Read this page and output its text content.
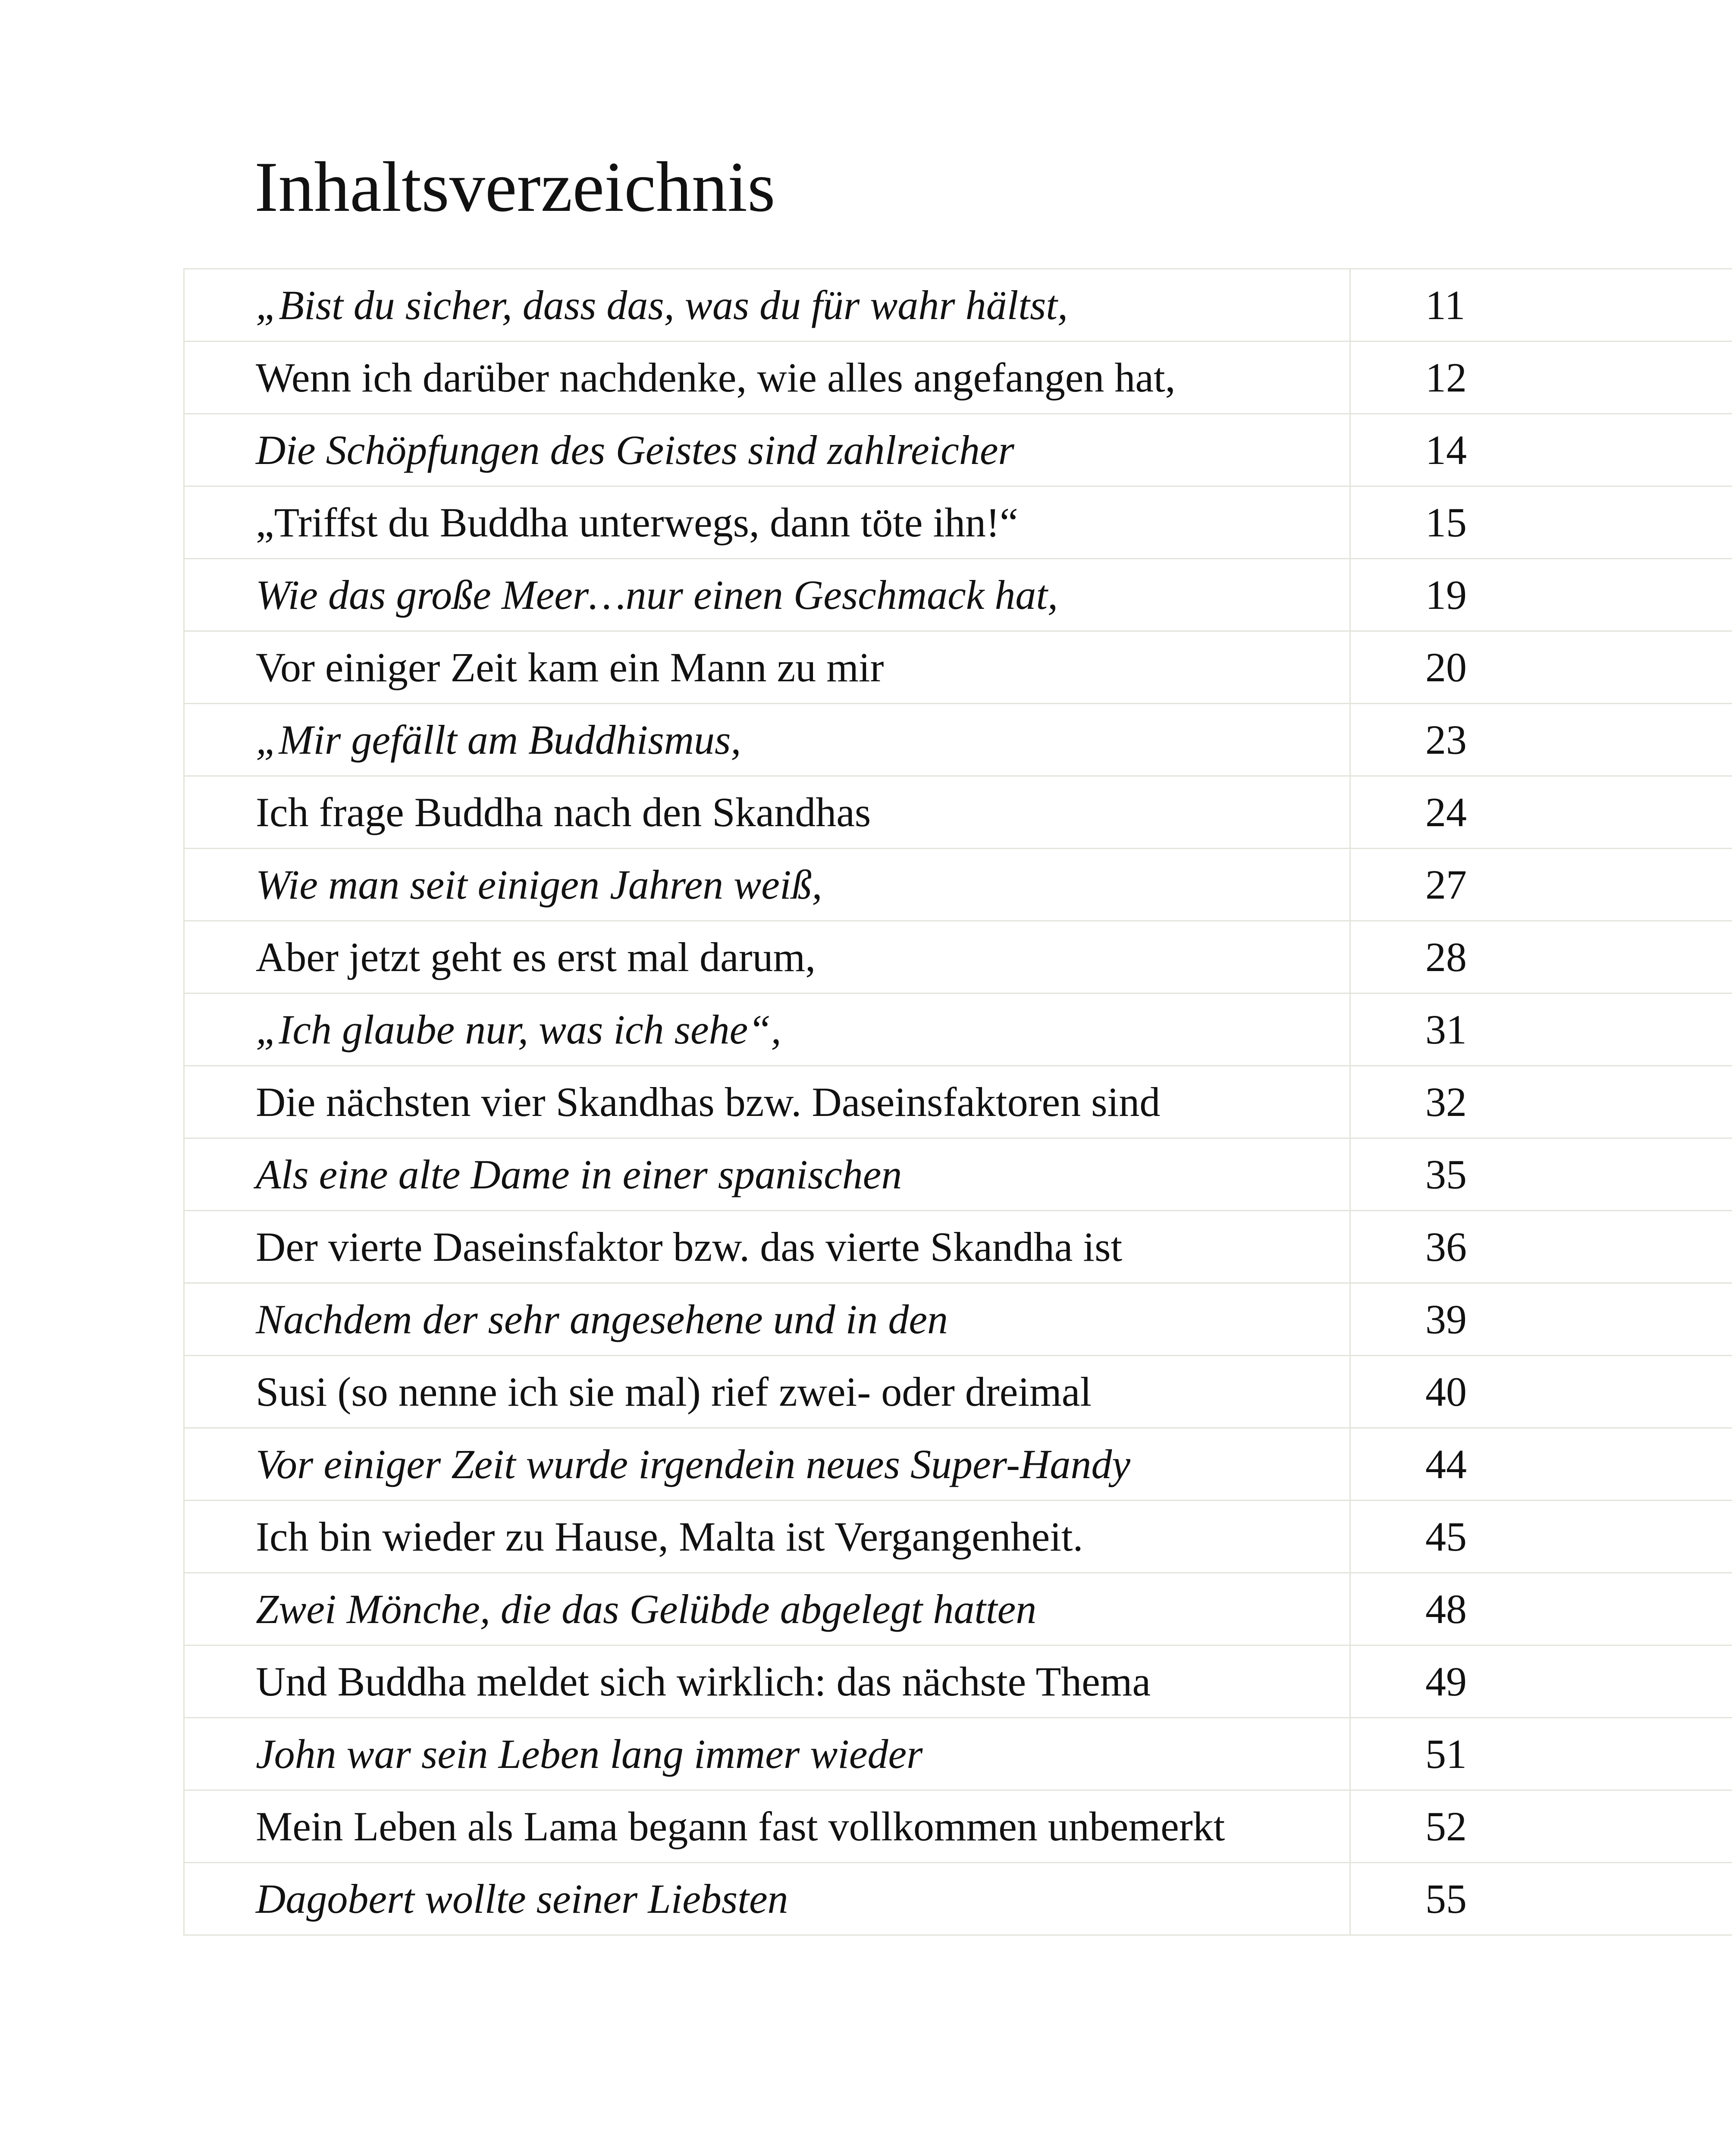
Inhaltsverzeichnis
„Bist du sicher, dass das, was du für wahr hältst,	11
Wenn ich darüber nachdenke, wie alles angefangen hat,	12
Die Schöpfungen des Geistes sind zahlreicher	14
„Triffst du Buddha unterwegs, dann töte ihn!“	15
Wie das große Meer…nur einen Geschmack hat,	19
Vor einiger Zeit kam ein Mann zu mir	20
„Mir gefällt am Buddhismus,	23
Ich frage Buddha nach den Skandhas	24
Wie man seit einigen Jahren weiß,	27
Aber jetzt geht es erst mal darum,	28
„Ich glaube nur, was ich sehe“,	31
Die nächsten vier Skandhas bzw. Daseinsfaktoren sind	32
Als eine alte Dame in einer spanischen	35
Der vierte Daseinsfaktor bzw. das vierte Skandha ist	36
Nachdem der sehr angesehene und in den	39
Susi (so nenne ich sie mal) rief zwei- oder dreimal	40
Vor einiger Zeit wurde irgendein neues Super-Handy	44
Ich bin wieder zu Hause, Malta ist Vergangenheit.	45
Zwei Mönche, die das Gelübde abgelegt hatten	48
Und Buddha meldet sich wirklich: das nächste Thema	49
John war sein Leben lang immer wieder	51
Mein Leben als Lama begann fast vollkommen unbemerkt	52
Dagobert wollte seiner Liebsten	55
